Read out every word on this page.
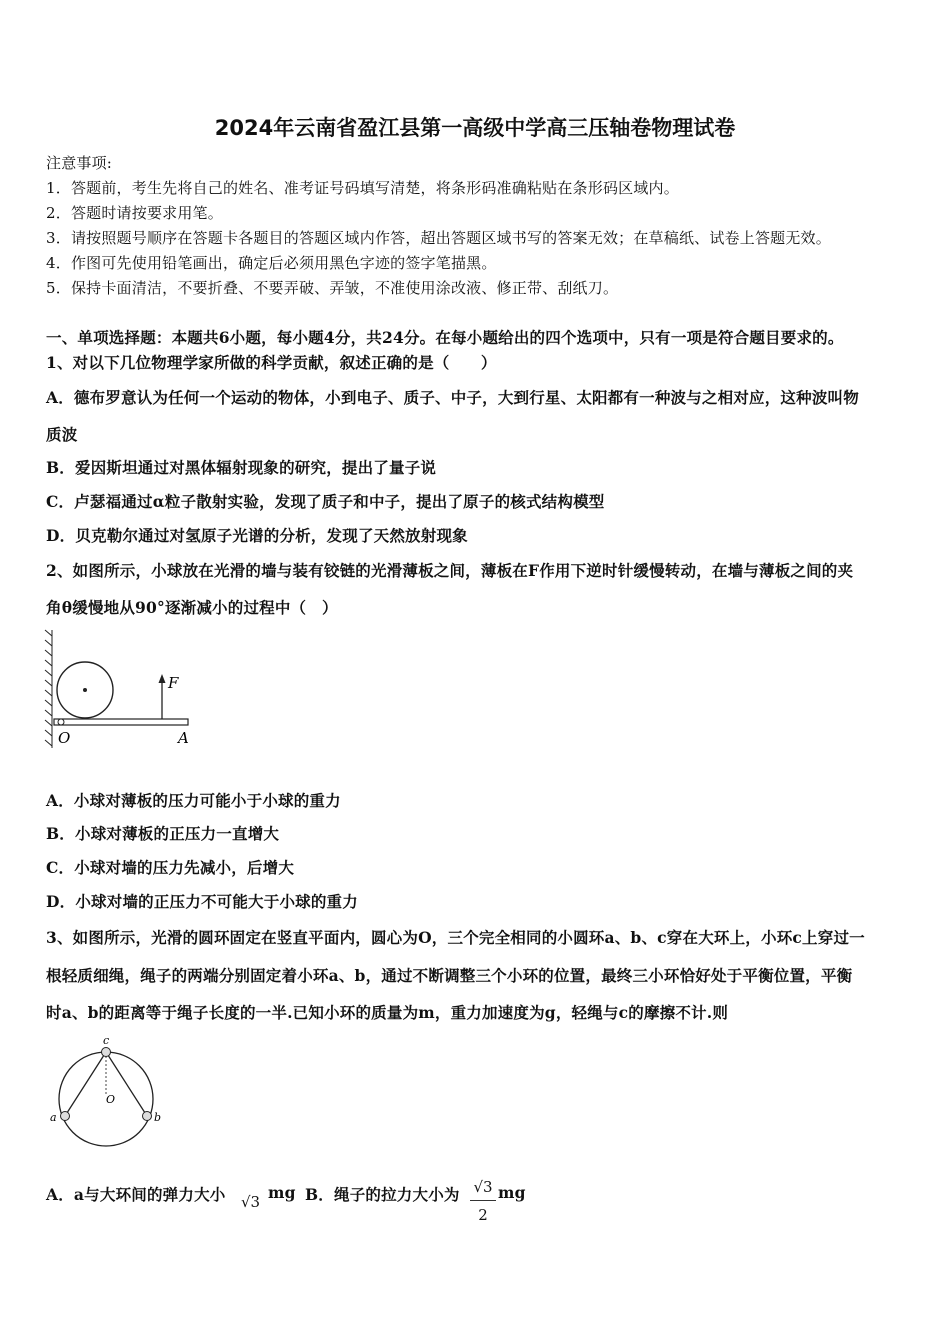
2024年云南省盈江县第一高级中学高三压轴卷物理试卷
注意事项:
1．答题前，考生先将自己的姓名、准考证号码填写清楚，将条形码准确粘贴在条形码区域内。
2．答题时请按要求用笔。
3．请按照题号顺序在答题卡各题目的答题区域内作答，超出答题区域书写的答案无效；在草稿纸、试卷上答题无效。
4．作图可先使用铅笔画出，确定后必须用黑色字迹的签字笔描黑。
5．保持卡面清洁，不要折叠、不要弄破、弄皱，不准使用涂改液、修正带、刮纸刀。
一、单项选择题：本题共6小题，每小题4分，共24分。在每小题给出的四个选项中，只有一项是符合题目要求的。
1、对以下几位物理学家所做的科学贡献，叙述正确的是（　　）
A．德布罗意认为任何一个运动的物体，小到电子、质子、中子，大到行星、太阳都有一种波与之相对应，这种波叫物
质波
B．爱因斯坦通过对黑体辐射现象的研究，提出了量子说
C．卢瑟福通过α粒子散射实验，发现了质子和中子，提出了原子的核式结构模型
D．贝克勒尔通过对氢原子光谱的分析，发现了天然放射现象
2、如图所示，小球放在光滑的墙与装有铰链的光滑薄板之间，薄板在F作用下逆时针缓慢转动，在墙与薄板之间的夹
角θ缓慢地从90°逐渐减小的过程中（　）
F
O	A
A．小球对薄板的压力可能小于小球的重力
B．小球对薄板的正压力一直增大
C．小球对墙的压力先减小，后增大
D．小球对墙的正压力不可能大于小球的重力
3、如图所示，光滑的圆环固定在竖直平面内，圆心为O，三个完全相同的小圆环a、b、c穿在大环上，小环c上穿过一
根轻质细绳，绳子的两端分别固定着小环a、b，通过不断调整三个小环的位置，最终三小环恰好处于平衡位置，平衡
时a、b的距离等于绳子长度的一半.已知小环的质量为m，重力加速度为g，轻绳与c的摩擦不计.则
c
O
a	b
A．a与大环间的弹力大小 √3 mg B．绳子的拉力大小为 √3
2
mg
